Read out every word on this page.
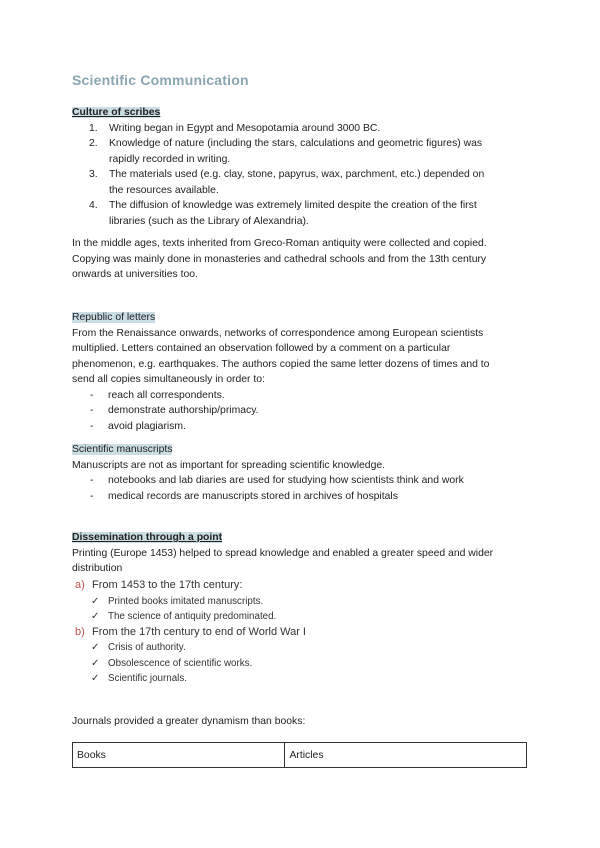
Scientific Communication
Culture of scribes
1. Writing began in Egypt and Mesopotamia around 3000 BC.
2. Knowledge of nature (including the stars, calculations and geometric figures) was
rapidly recorded in writing.
3. The materials used (e.g. clay, stone, papyrus, wax, parchment, etc.) depended on
the resources available.
4. The diffusion of knowledge was extremely limited despite the creation of the first
libraries (such as the Library of Alexandria).
In the middle ages, texts inherited from Greco-Roman antiquity were collected and copied.
Copying was mainly done in monasteries and cathedral schools and from the 13th century
onwards at universities too.
Republic of letters
From the Renaissance onwards, networks of correspondence among European scientists
multiplied. Letters contained an observation followed by a comment on a particular
phenomenon, e.g. earthquakes. The authors copied the same letter dozens of times and to
send all copies simultaneously in order to:
- reach all correspondents.
- demonstrate authorship/primacy.
- avoid plagiarism.
Scientific manuscripts
Manuscripts are not as important for spreading scientific knowledge.
- notebooks and lab diaries are used for studying how scientists think and work
- medical records are manuscripts stored in archives of hospitals
Dissemination through a point
Printing (Europe 1453) helped to spread knowledge and enabled a greater speed and wider
distribution
a) From 1453 to the 17th century:
✓ Printed books imitated manuscripts.
✓ The science of antiquity predominated.
b) From the 17th century to end of World War I
✓ Crisis of authority.
✓ Obsolescence of scientific works.
✓ Scientific journals.
Journals provided a greater dynamism than books:
Books	Articles
